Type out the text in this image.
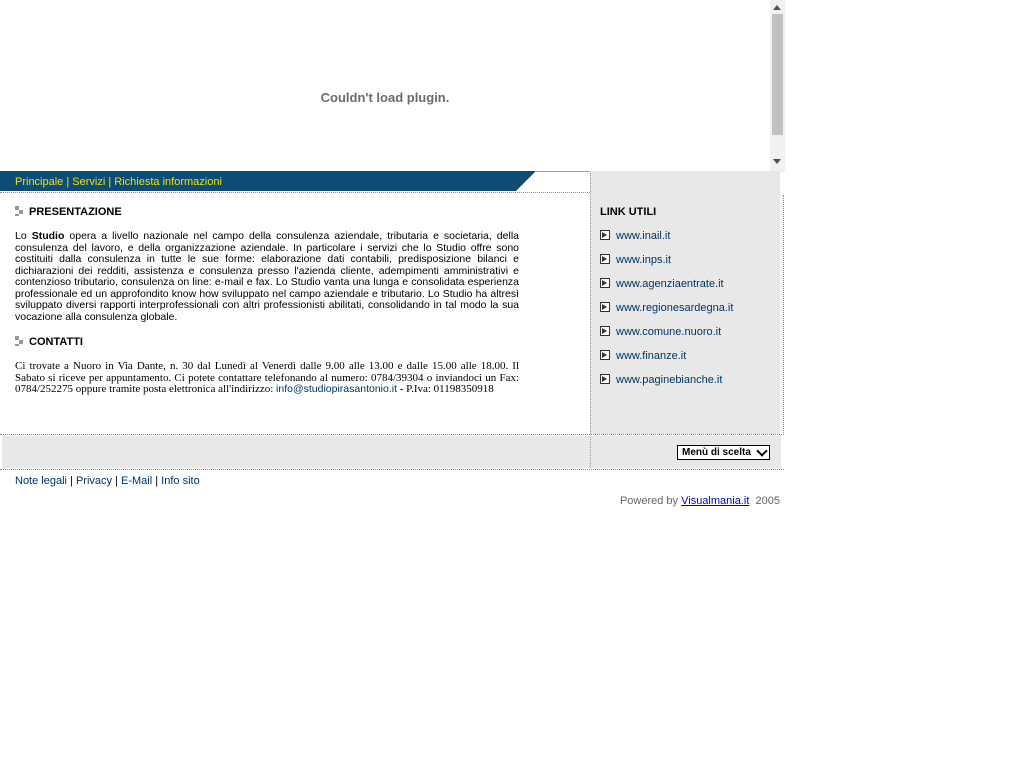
Couldn't load plugin.
Principale | Servizi | Richiesta informazioni
LINK UTILI
www.inail.it
www.inps.it
www.agenziaentrate.it
www.regionesardegna.it
www.comune.nuoro.it
www.finanze.it
www.paginebianche.it
PRESENTAZIONE

Lo Studio opera a livello nazionale nel campo della consulenza aziendale, tributaria e societaria, della consulenza del lavoro, e della organizzazione aziendale. In particolare i servizi che lo Studio offre sono costituiti dalla consulenza in tutte le sue forme: elaborazione dati contabili, predisposizione bilanci e dichiarazioni dei redditi, assistenza e consulenza presso l'azienda cliente, adempimenti amministrativi e contenzioso tributario, consulenza on line: e-mail e fax. Lo Studio vanta una lunga e consolidata esperienza professionale ed un approfondito know how sviluppato nel campo aziendale e tributario. Lo Studio ha altresì sviluppato diversi rapporti interprofessionali con altri professionisti abilitati, consolidando in tal modo la sua vocazione alla consulenza globale.

CONTATTI

Ci trovate a Nuoro in Via Dante, n. 30 dal Lunedì al Venerdì dalle 9.00 alle 13.00 e dalle 15.00 alle 18.00. Il Sabato si riceve per appuntamento. Ci potete contattare telefonando al numero: 0784/39304 o inviandoci un Fax: 0784/252275 oppure tramite posta elettronica all'indirizzo: info@studiopirasantonio.it - P.Iva: 01198350918

Menù di scelta
Note legali | Privacy | E-Mail | Info sito
Powered by Visualmania.it 2005
